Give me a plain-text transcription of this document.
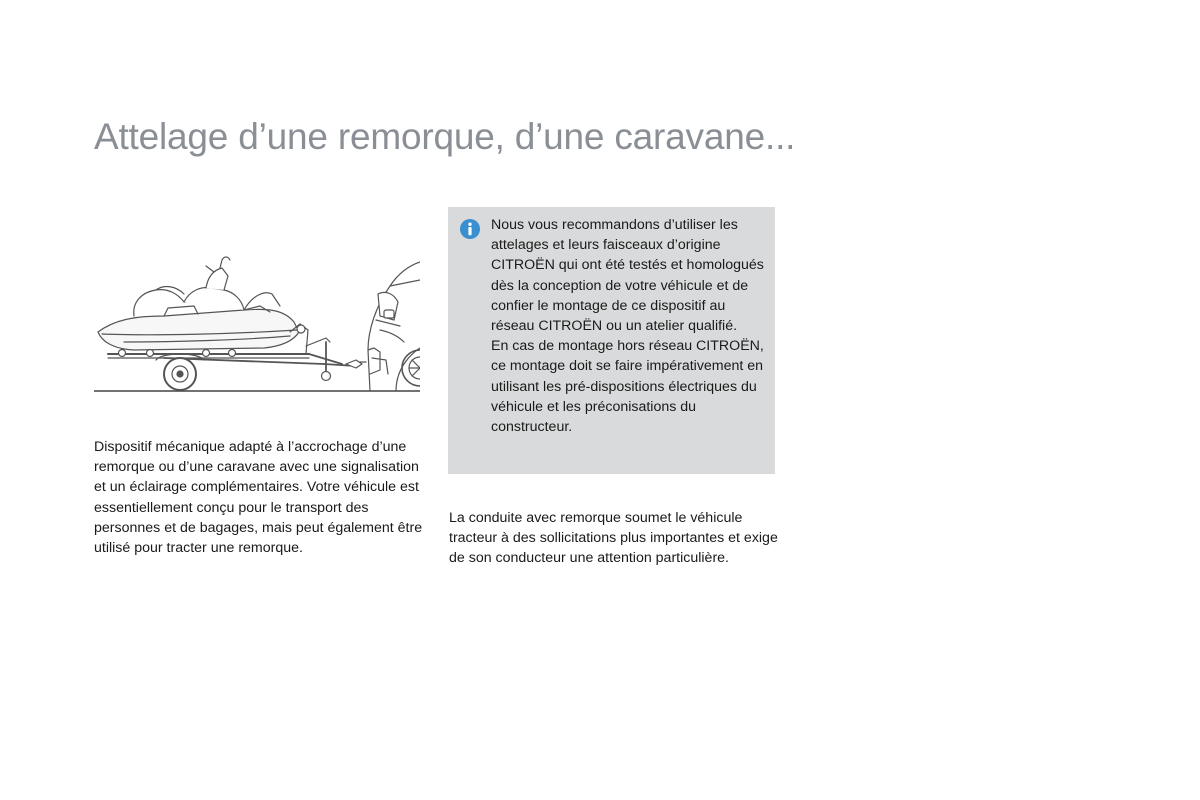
Attelage d’une remorque, d’une caravane...

Dispositif mécanique adapté à l’accrochage d’une remorque ou d’une caravane avec une signalisation et un éclairage complémentaires. Votre véhicule est essentiellement conçu pour le transport des personnes et de bagages, mais peut également être utilisé pour tracter une remorque.

Nous vous recommandons d’utiliser les attelages et leurs faisceaux d’origine CITROËN qui ont été testés et homologués dès la conception de votre véhicule et de confier le montage de ce dispositif au réseau CITROËN ou un atelier qualifié.

En cas de montage hors réseau CITROËN, ce montage doit se faire impérativement en utilisant les pré-dispositions électriques du véhicule et les préconisations du constructeur.

La conduite avec remorque soumet le véhicule tracteur à des sollicitations plus importantes et exige de son conducteur une attention particulière.
